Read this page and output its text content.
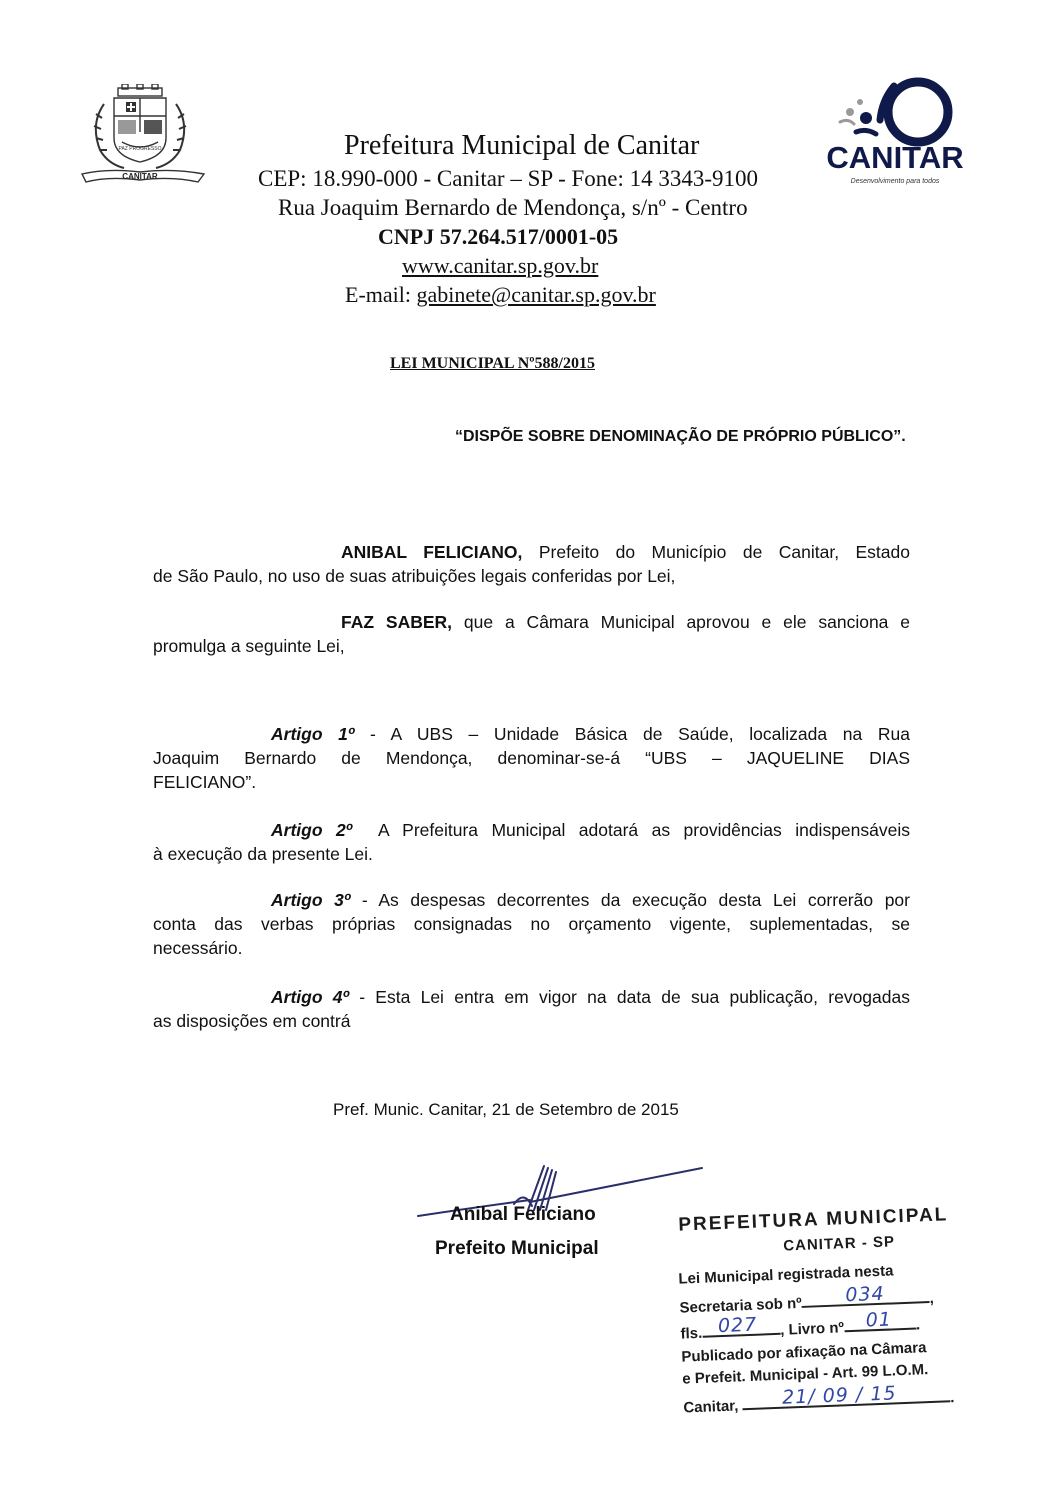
CANITAR
PAZ PROGRESSO	CANITAR
Desenvolvimento para todos
Prefeitura Municipal de Canitar
CEP: 18.990-000 - Canitar – SP - Fone: 14 3343-9100
Rua Joaquim Bernardo de Mendonça, s/nº - Centro
CNPJ 57.264.517/0001-05
www.canitar.sp.gov.br
E-mail: gabinete@canitar.sp.gov.br
LEI MUNICIPAL Nº588/2015
“DISPÕE SOBRE DENOMINAÇÃO DE PRÓPRIO PÚBLICO”.
ANIBAL FELICIANO, Prefeito do Município de Canitar, Estado
de São Paulo, no uso de suas atribuições legais conferidas por Lei,
FAZ SABER, que a Câmara Municipal aprovou e ele sanciona e
promulga a seguinte Lei,
Artigo 1º - A UBS – Unidade Básica de Saúde, localizada na Rua
Joaquim Bernardo de Mendonça, denominar-se-á “UBS – JAQUELINE DIAS
FELICIANO”.
Artigo 2º  A Prefeitura Municipal adotará as providências indispensáveis
à execução da presente Lei.
Artigo 3º - As despesas decorrentes da execução desta Lei correrão por
conta das verbas próprias consignadas no orçamento vigente, suplementadas, se
necessário.
Artigo 4º - Esta Lei entra em vigor na data de sua publicação, revogadas
as disposições em contrá
Pref. Munic. Canitar, 21 de Setembro de 2015
Anibal Feliciano
Prefeito Municipal
PREFEITURA MUNICIPAL
CANITAR - SP
Lei Municipal registrada nesta
Secretaria sob nº 034	,
fls. 027 , Livro nº 01 .
Publicado por afixação na Câmara
e Prefeit. Municipal - Art. 99 L.O.M.
Canitar, 21/ 09 / 15	.
